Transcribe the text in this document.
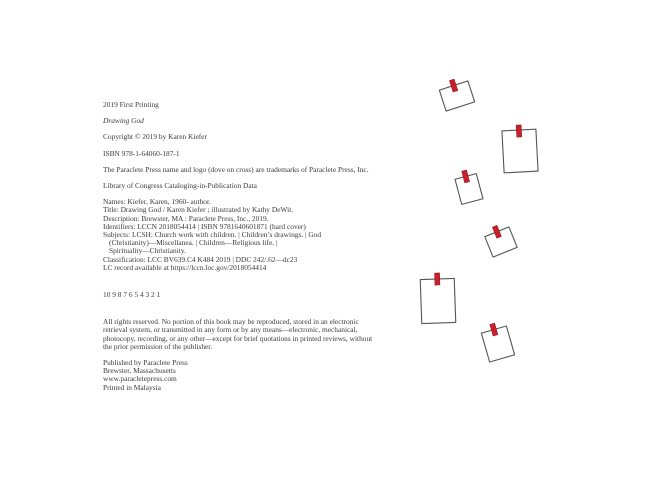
2019 First Printing

Drawing God

Copyright © 2019 by Karen Kiefer

ISBN 978-1-64060-187-1

The Paraclete Press name and logo (dove on cross) are trademarks of Paraclete Press, Inc.

Library of Congress Cataloging-in-Publication Data

Names: Kiefer, Karen, 1960- author.

Title: Drawing God / Karen Kiefer ; illustrated by Kathy DeWit.

Description: Brewster, MA : Paraclete Press, Inc., 2019.

Identifiers: LCCN 2018054414 | ISBN 9781640601871 (hard cover)

Subjects: LCSH: Church work with children. | Children’s drawings. | God

(Christianity)—Miscellanea. | Children—Religious life. |

Spirituality—Christianity.

Classification: LCC BV639.C4 K484 2019 | DDC 242/.62—dc23

LC record available at https://lccn.loc.gov/2018054414

10 9 8 7 6 5 4 3 2 1

All rights reserved. No portion of this book may be reproduced, stored in an electronic

retrieval system, or transmitted in any form or by any means—electronic, mechanical,

photocopy, recording, or any other—except for brief quotations in printed reviews, without

the prior permission of the publisher.

Published by Paraclete Press

Brewster, Massachusetts

www.paracletepress.com

Printed in Malaysia
